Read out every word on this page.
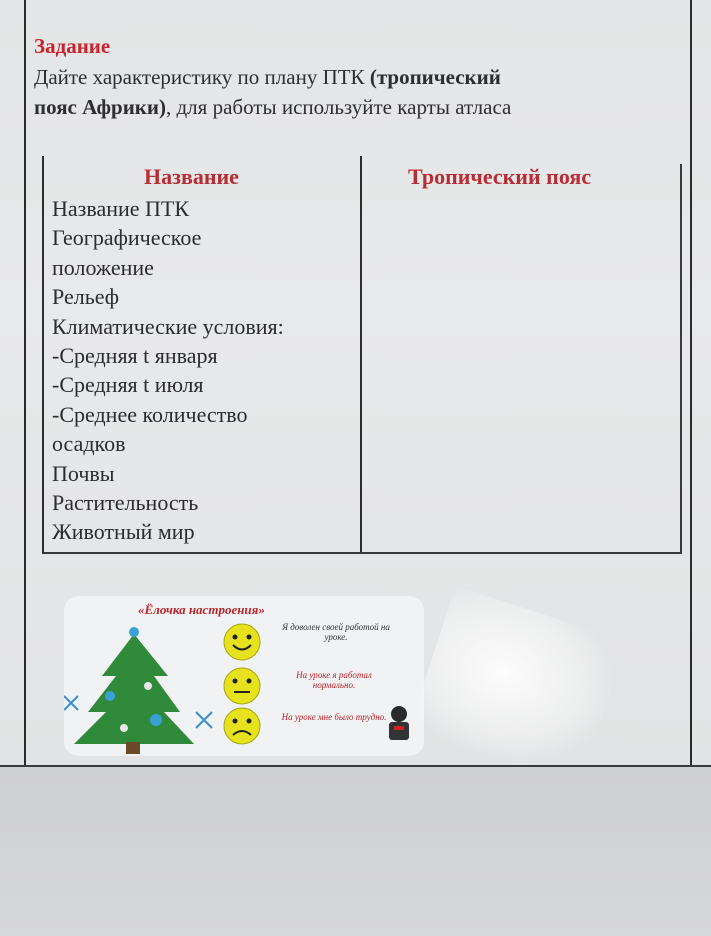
Задание
Дайте характеристику по плану ПТК (тропический
пояс Африки), для работы используйте карты атласа
Название	Тропический пояс
Название ПТК
Географическое
положение
Рельеф
Климатические условия:
-Средняя t января
-Средняя t июля
-Среднее количество
осадков
Почвы
Растительность
Животный мир
«Ёлочка настроения»
Я доволен своей работой на уроке.
На уроке я работал нормально.
На уроке мне было трудно.
